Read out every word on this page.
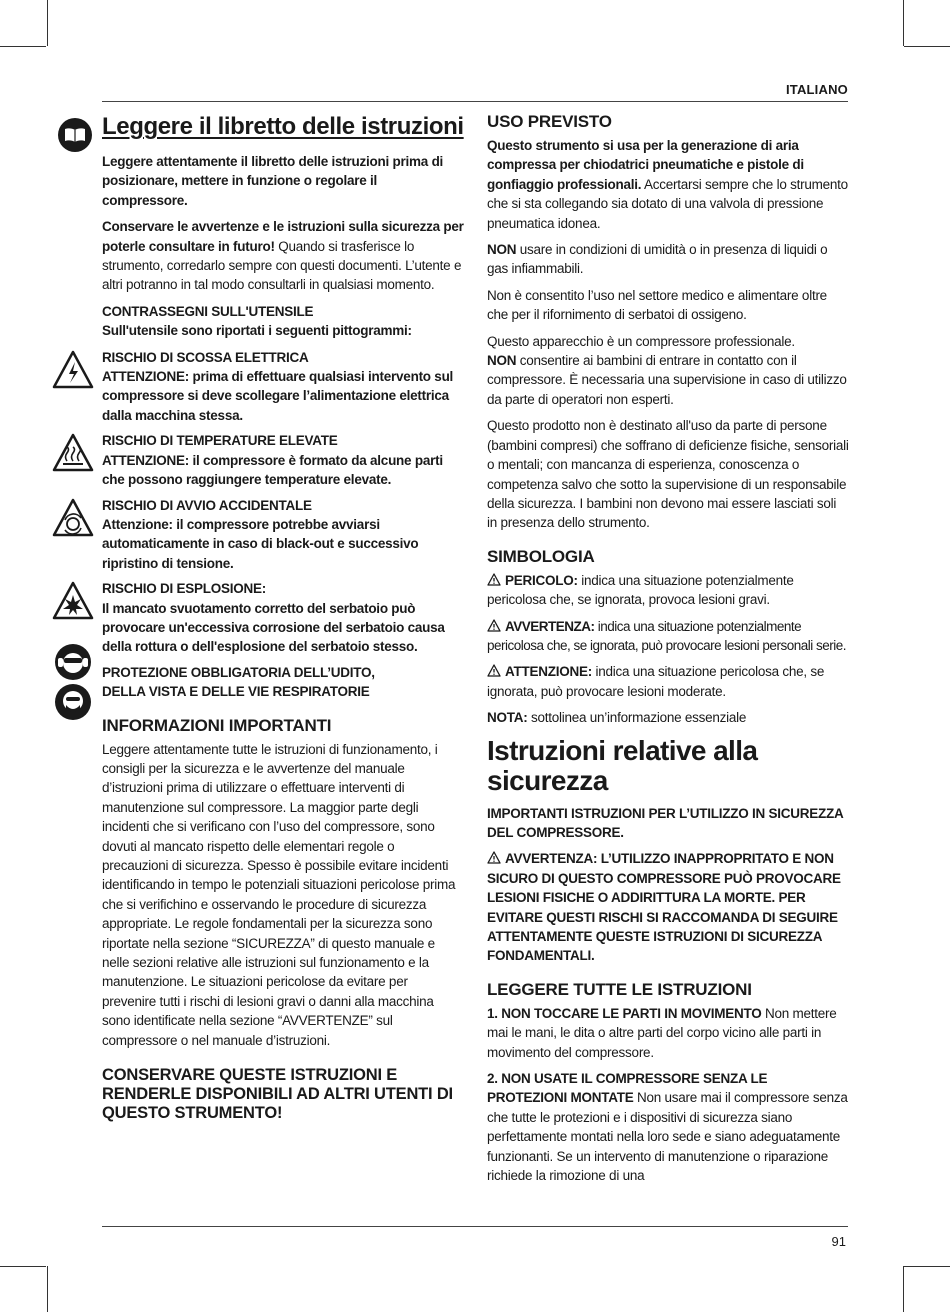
ITALIANO
91
Leggere il libretto delle istruzioni

Leggere attentamente il libretto delle istruzioni prima di posizionare, mettere in funzione o regolare il compressore.

Conservare le avvertenze e le istruzioni sulla sicurezza per poterle consultare in futuro! Quando si trasferisce lo strumento, corredarlo sempre con questi documenti. L’utente e altri potranno in tal modo consultarli in qualsiasi momento.

CONTRASSEGNI SULL'UTENSILE

Sull'utensile sono riportati i seguenti pittogrammi:

RISCHIO DI SCOSSA ELETTRICA

ATTENZIONE: prima di effettuare qualsiasi intervento sul compressore si deve scollegare l’alimentazione elettrica dalla macchina stessa.

RISCHIO DI TEMPERATURE ELEVATE

ATTENZIONE: il compressore è formato da alcune parti che possono raggiungere temperature elevate.

RISCHIO DI AVVIO ACCIDENTALE

Attenzione: il compressore potrebbe avviarsi automaticamente in caso di black-out e successivo ripristino di tensione.

RISCHIO DI ESPLOSIONE:

Il mancato svuotamento corretto del serbatoio può provocare un'eccessiva corrosione del serbatoio causa della rottura o dell'esplosione del serbatoio stesso.

PROTEZIONE OBBLIGATORIA DELL’UDITO,

DELLA VISTA E DELLE VIE RESPIRATORIE

INFORMAZIONI IMPORTANTI

Leggere attentamente tutte le istruzioni di funzionamento, i consigli per la sicurezza e le avvertenze del manuale d’istruzioni prima di utilizzare o effettuare interventi di manutenzione sul compressore. La maggior parte degli incidenti che si verificano con l’uso del compressore, sono dovuti al mancato rispetto delle elementari regole o precauzioni di sicurezza. Spesso è possibile evitare incidenti identificando in tempo le potenziali situazioni pericolose prima che si verifichino e osservando le procedure di sicurezza appropriate. Le regole fondamentali per la sicurezza sono riportate nella sezione “SICUREZZA” di questo manuale e nelle sezioni relative alle istruzioni sul funzionamento e la manutenzione. Le situazioni pericolose da evitare per prevenire tutti i rischi di lesioni gravi o danni alla macchina sono identificate nella sezione “AVVERTENZE” sul compressore o nel manuale d’istruzioni.

CONSERVARE QUESTE ISTRUZIONI E RENDERLE DISPONIBILI AD ALTRI UTENTI DI QUESTO STRUMENTO!
USO PREVISTO

Questo strumento si usa per la generazione di aria compressa per chiodatrici pneumatiche e pistole di gonfiaggio professionali. Accertarsi sempre che lo strumento che si sta collegando sia dotato di una valvola di pressione pneumatica idonea.

NON usare in condizioni di umidità o in presenza di liquidi o gas infiammabili.

Non è consentito l’uso nel settore medico e alimentare oltre che per il rifornimento di serbatoi di ossigeno.

Questo apparecchio è un compressore professionale.
NON consentire ai bambini di entrare in contatto con il compressore. È necessaria una supervisione in caso di utilizzo da parte di operatori non esperti.

Questo prodotto non è destinato all'uso da parte di persone (bambini compresi) che soffrano di deficienze fisiche, sensoriali o mentali; con mancanza di esperienza, conoscenza o competenza salvo che sotto la supervisione di un responsabile della sicurezza. I bambini non devono mai essere lasciati soli in presenza dello strumento.

SIMBOLOGIA

PERICOLO: indica una situazione potenzialmente pericolosa che, se ignorata, provoca lesioni gravi.

AVVERTENZA: indica una situazione potenzialmente pericolosa che, se ignorata, può provocare lesioni personali serie.

ATTENZIONE: indica una situazione pericolosa che, se ignorata, può provocare lesioni moderate.

NOTA: sottolinea un’informazione essenziale

Istruzioni relative alla sicurezza

IMPORTANTI ISTRUZIONI PER L’UTILIZZO IN SICUREZZA DEL COMPRESSORE.

AVVERTENZA: L’UTILIZZO INAPPROPRITATO E NON SICURO DI QUESTO COMPRESSORE PUÒ PROVOCARE LESIONI FISICHE O ADDIRITTURA LA MORTE. PER EVITARE QUESTI RISCHI SI RACCOMANDA DI SEGUIRE ATTENTAMENTE QUESTE ISTRUZIONI DI SICUREZZA FONDAMENTALI.

LEGGERE TUTTE LE ISTRUZIONI

1. NON TOCCARE LE PARTI IN MOVIMENTO Non mettere mai le mani, le dita o altre parti del corpo vicino alle parti in movimento del compressore.

2. NON USATE IL COMPRESSORE SENZA LE PROTEZIONI MONTATE Non usare mai il compressore senza che tutte le protezioni e i dispositivi di sicurezza siano perfettamente montati nella loro sede e siano adeguatamente funzionanti. Se un intervento di manutenzione o riparazione richiede la rimozione di una
